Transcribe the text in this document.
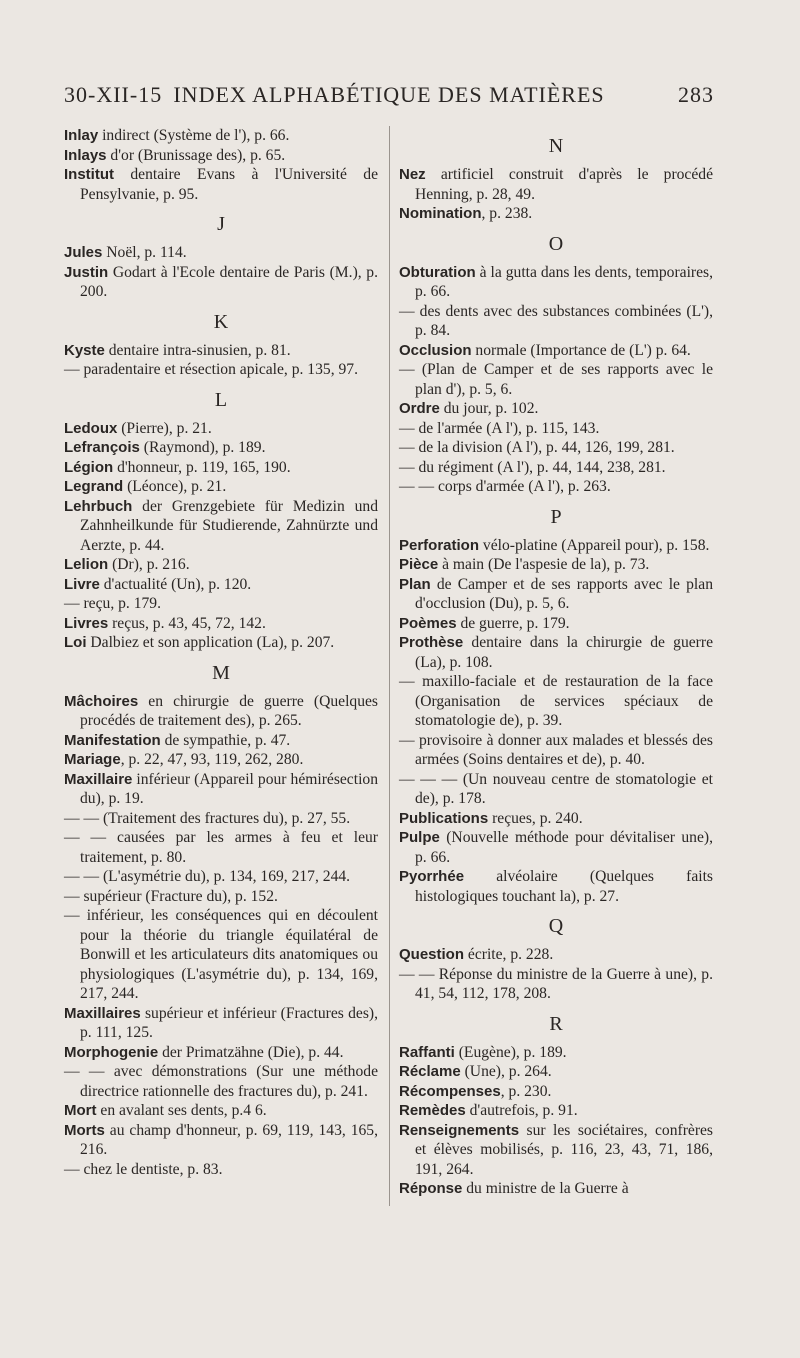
30-XII-15 INDEX ALPHABÉTIQUE DES MATIÈRES	283

Inlay indirect (Système de l'), p. 66.

Inlays d'or (Brunissage des), p. 65.

Institut dentaire Evans à l'Université de Pensylvanie, p. 95.

J

Jules Noël, p. 114.

Justin Godart à l'Ecole dentaire de Paris (M.), p. 200.

K

Kyste dentaire intra-sinusien, p. 81.

— paradentaire et résection apicale, p. 135, 97.

L

Ledoux (Pierre), p. 21.

Lefrançois (Raymond), p. 189.

Légion d'honneur, p. 119, 165, 190.

Legrand (Léonce), p. 21.

Lehrbuch der Grenzgebiete für Medizin und Zahnheilkunde für Studierende, Zahnürzte und Aerzte, p. 44.

Lelion (Dr), p. 216.

Livre d'actualité (Un), p. 120.

— reçu, p. 179.

Livres reçus, p. 43, 45, 72, 142.

Loi Dalbiez et son application (La), p. 207.

M

Mâchoires en chirurgie de guerre (Quelques procédés de traitement des), p. 265.

Manifestation de sympathie, p. 47.

Mariage, p. 22, 47, 93, 119, 262, 280.

Maxillaire inférieur (Appareil pour hémirésection du), p. 19.

— — (Traitement des fractures du), p. 27, 55.

— — causées par les armes à feu et leur traitement, p. 80.

— — (L'asymétrie du), p. 134, 169, 217, 244.

— supérieur (Fracture du), p. 152.

— inférieur, les conséquences qui en découlent pour la théorie du triangle équilatéral de Bonwill et les articulateurs dits anatomiques ou physiologiques (L'asymétrie du), p. 134, 169, 217, 244.

Maxillaires supérieur et inférieur (Fractures des), p. 111, 125.

Morphogenie der Primatzähne (Die), p. 44.

— — avec démonstrations (Sur une méthode directrice rationnelle des fractures du), p. 241.

Mort en avalant ses dents, p.4 6.

Morts au champ d'honneur, p. 69, 119, 143, 165, 216.

— chez le dentiste, p. 83.

N

Nez artificiel construit d'après le procédé Henning, p. 28, 49.

Nomination, p. 238.

O

Obturation à la gutta dans les dents, temporaires, p. 66.

— des dents avec des substances combinées (L'), p. 84.

Occlusion normale (Importance de (L') p. 64.

— (Plan de Camper et de ses rapports avec le plan d'), p. 5, 6.

Ordre du jour, p. 102.

— de l'armée (A l'), p. 115, 143.

— de la division (A l'), p. 44, 126, 199, 281.

— du régiment (A l'), p. 44, 144, 238, 281.

— — corps d'armée (A l'), p. 263.

P

Perforation vélo-platine (Appareil pour), p. 158.

Pièce à main (De l'aspesie de la), p. 73.

Plan de Camper et de ses rapports avec le plan d'occlusion (Du), p. 5, 6.

Poèmes de guerre, p. 179.

Prothèse dentaire dans la chirurgie de guerre (La), p. 108.

— maxillo-faciale et de restauration de la face (Organisation de services spéciaux de stomatologie de), p. 39.

— provisoire à donner aux malades et blessés des armées (Soins dentaires et de), p. 40.

— — — (Un nouveau centre de stomatologie et de), p. 178.

Publications reçues, p. 240.

Pulpe (Nouvelle méthode pour dévitaliser une), p. 66.

Pyorrhée alvéolaire (Quelques faits histologiques touchant la), p. 27.

Q

Question écrite, p. 228.

— — Réponse du ministre de la Guerre à une), p. 41, 54, 112, 178, 208.

R

Raffanti (Eugène), p. 189.

Réclame (Une), p. 264.

Récompenses, p. 230.

Remèdes d'autrefois, p. 91.

Renseignements sur les sociétaires, confrères et élèves mobilisés, p. 116, 23, 43, 71, 186, 191, 264.

Réponse du ministre de la Guerre à
